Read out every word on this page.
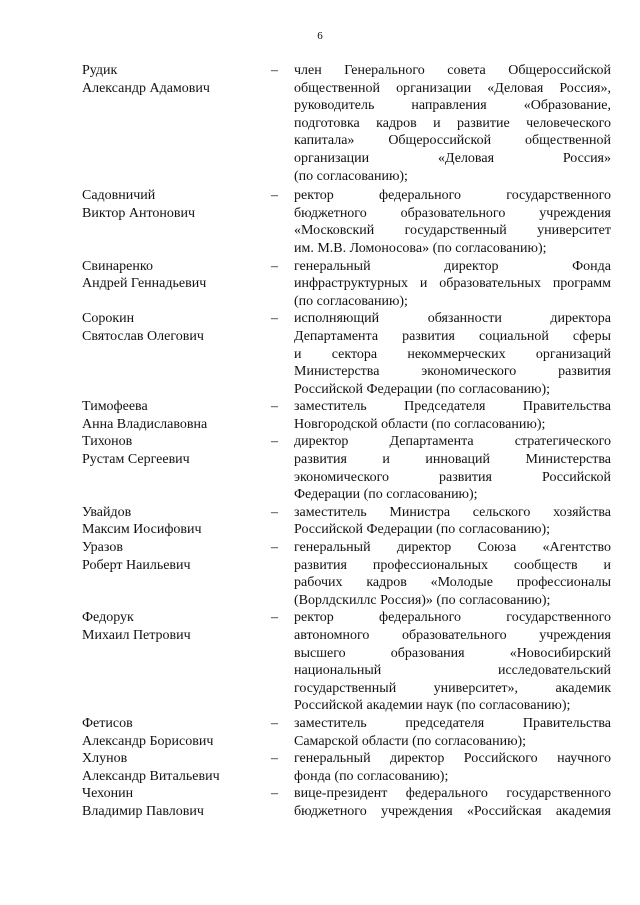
6
Рудик
Александр Адамович
– член Генерального совета Общероссийской
общественной организации «Деловая Россия»,
руководитель направления «Образование,
подготовка кадров и развитие человеческого
капитала» Общероссийской общественной
организации «Деловая Россия»
(по согласованию);
Садовничий
Виктор Антонович
– ректор федерального государственного
бюджетного образовательного учреждения
«Московский государственный университет
им. М.В. Ломоносова» (по согласованию);
Свинаренко
Андрей Геннадьевич
– генеральный директор Фонда
инфраструктурных и образовательных программ
(по согласованию);
Сорокин
Святослав Олегович
– исполняющий обязанности директора
Департамента развития социальной сферы
и сектора некоммерческих организаций
Министерства экономического развития
Российской Федерации (по согласованию);
Тимофеева
Анна Владиславовна
– заместитель Председателя Правительства
Новгородской области (по согласованию);
Тихонов
Рустам Сергеевич
– директор Департамента стратегического
развития и инноваций Министерства
экономического развития Российской
Федерации (по согласованию);
Увайдов
Максим Иосифович
– заместитель Министра сельского хозяйства
Российской Федерации (по согласованию);
Уразов
Роберт Наильевич
– генеральный директор Союза «Агентство
развития профессиональных сообществ и
рабочих кадров «Молодые профессионалы
(Ворлдскиллс Россия)» (по согласованию);
Федорук
Михаил Петрович
– ректор федерального государственного
автономного образовательного учреждения
высшего образования «Новосибирский
национальный исследовательский
государственный университет», академик
Российской академии наук (по согласованию);
Фетисов
Александр Борисович
– заместитель председателя Правительства
Самарской области (по согласованию);
Хлунов
Александр Витальевич
– генеральный директор Российского научного
фонда (по согласованию);
Чехонин
Владимир Павлович
– вице-президент федерального государственного
бюджетного учреждения «Российская академия
